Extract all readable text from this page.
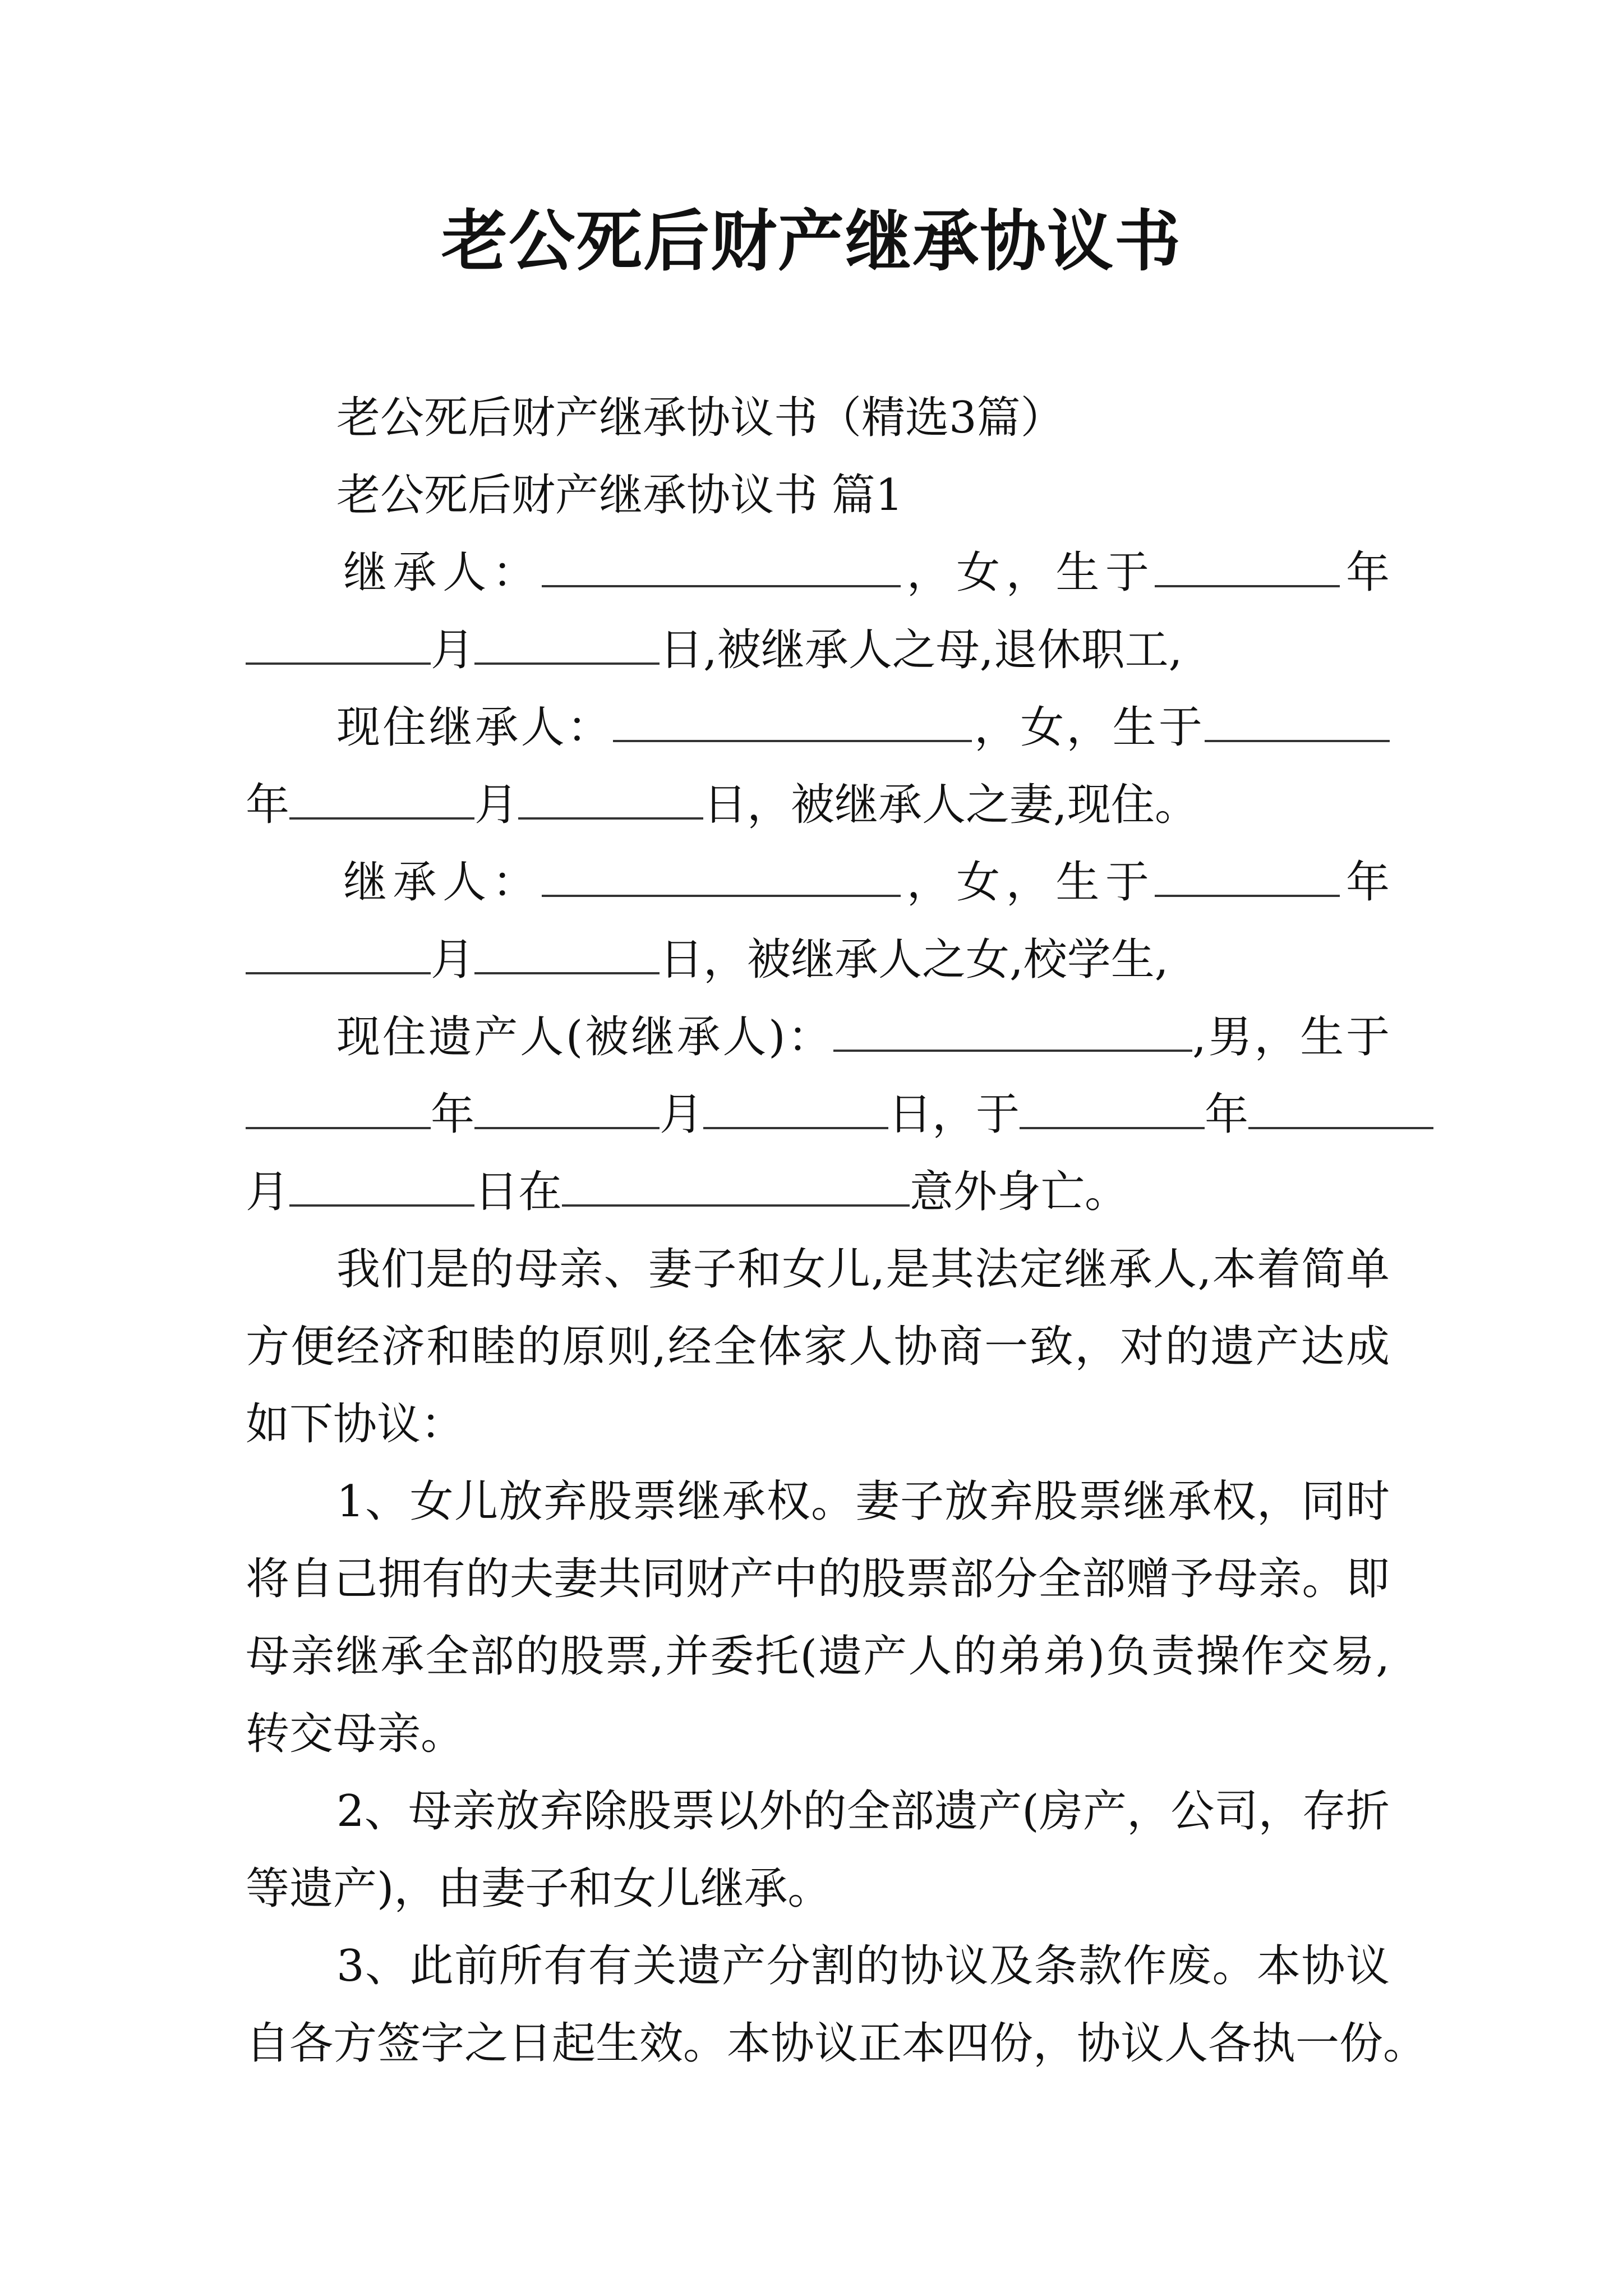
老公死后财产继承协议书

老公死后财产继承协议书（精选3篇）

老公死后财产继承协议书 篇1

继承人：	，女，生于	年

月	日,被继承人之母,退休职工,

现住继承人：	，女，生于

年	月	日，被继承人之妻,现住。

继承人：	，女，生于	年

月	日，被继承人之女,校学生,

现住遗产人(被继承人)：	,男，生于

年	月	日，于	年

月	日在	意外身亡。

我们是的母亲、妻子和女儿,是其法定继承人,本着简单

方便经济和睦的原则,经全体家人协商一致，对的遗产达成

如下协议：

1、女儿放弃股票继承权。妻子放弃股票继承权，同时

将自己拥有的夫妻共同财产中的股票部分全部赠予母亲。即

母亲继承全部的股票,并委托(遗产人的弟弟)负责操作交易,

转交母亲。

2、母亲放弃除股票以外的全部遗产(房产，公司，存折

等遗产)，由妻子和女儿继承。

3、此前所有有关遗产分割的协议及条款作废。本协议

自各方签字之日起生效。本协议正本四份，协议人各执一份。
